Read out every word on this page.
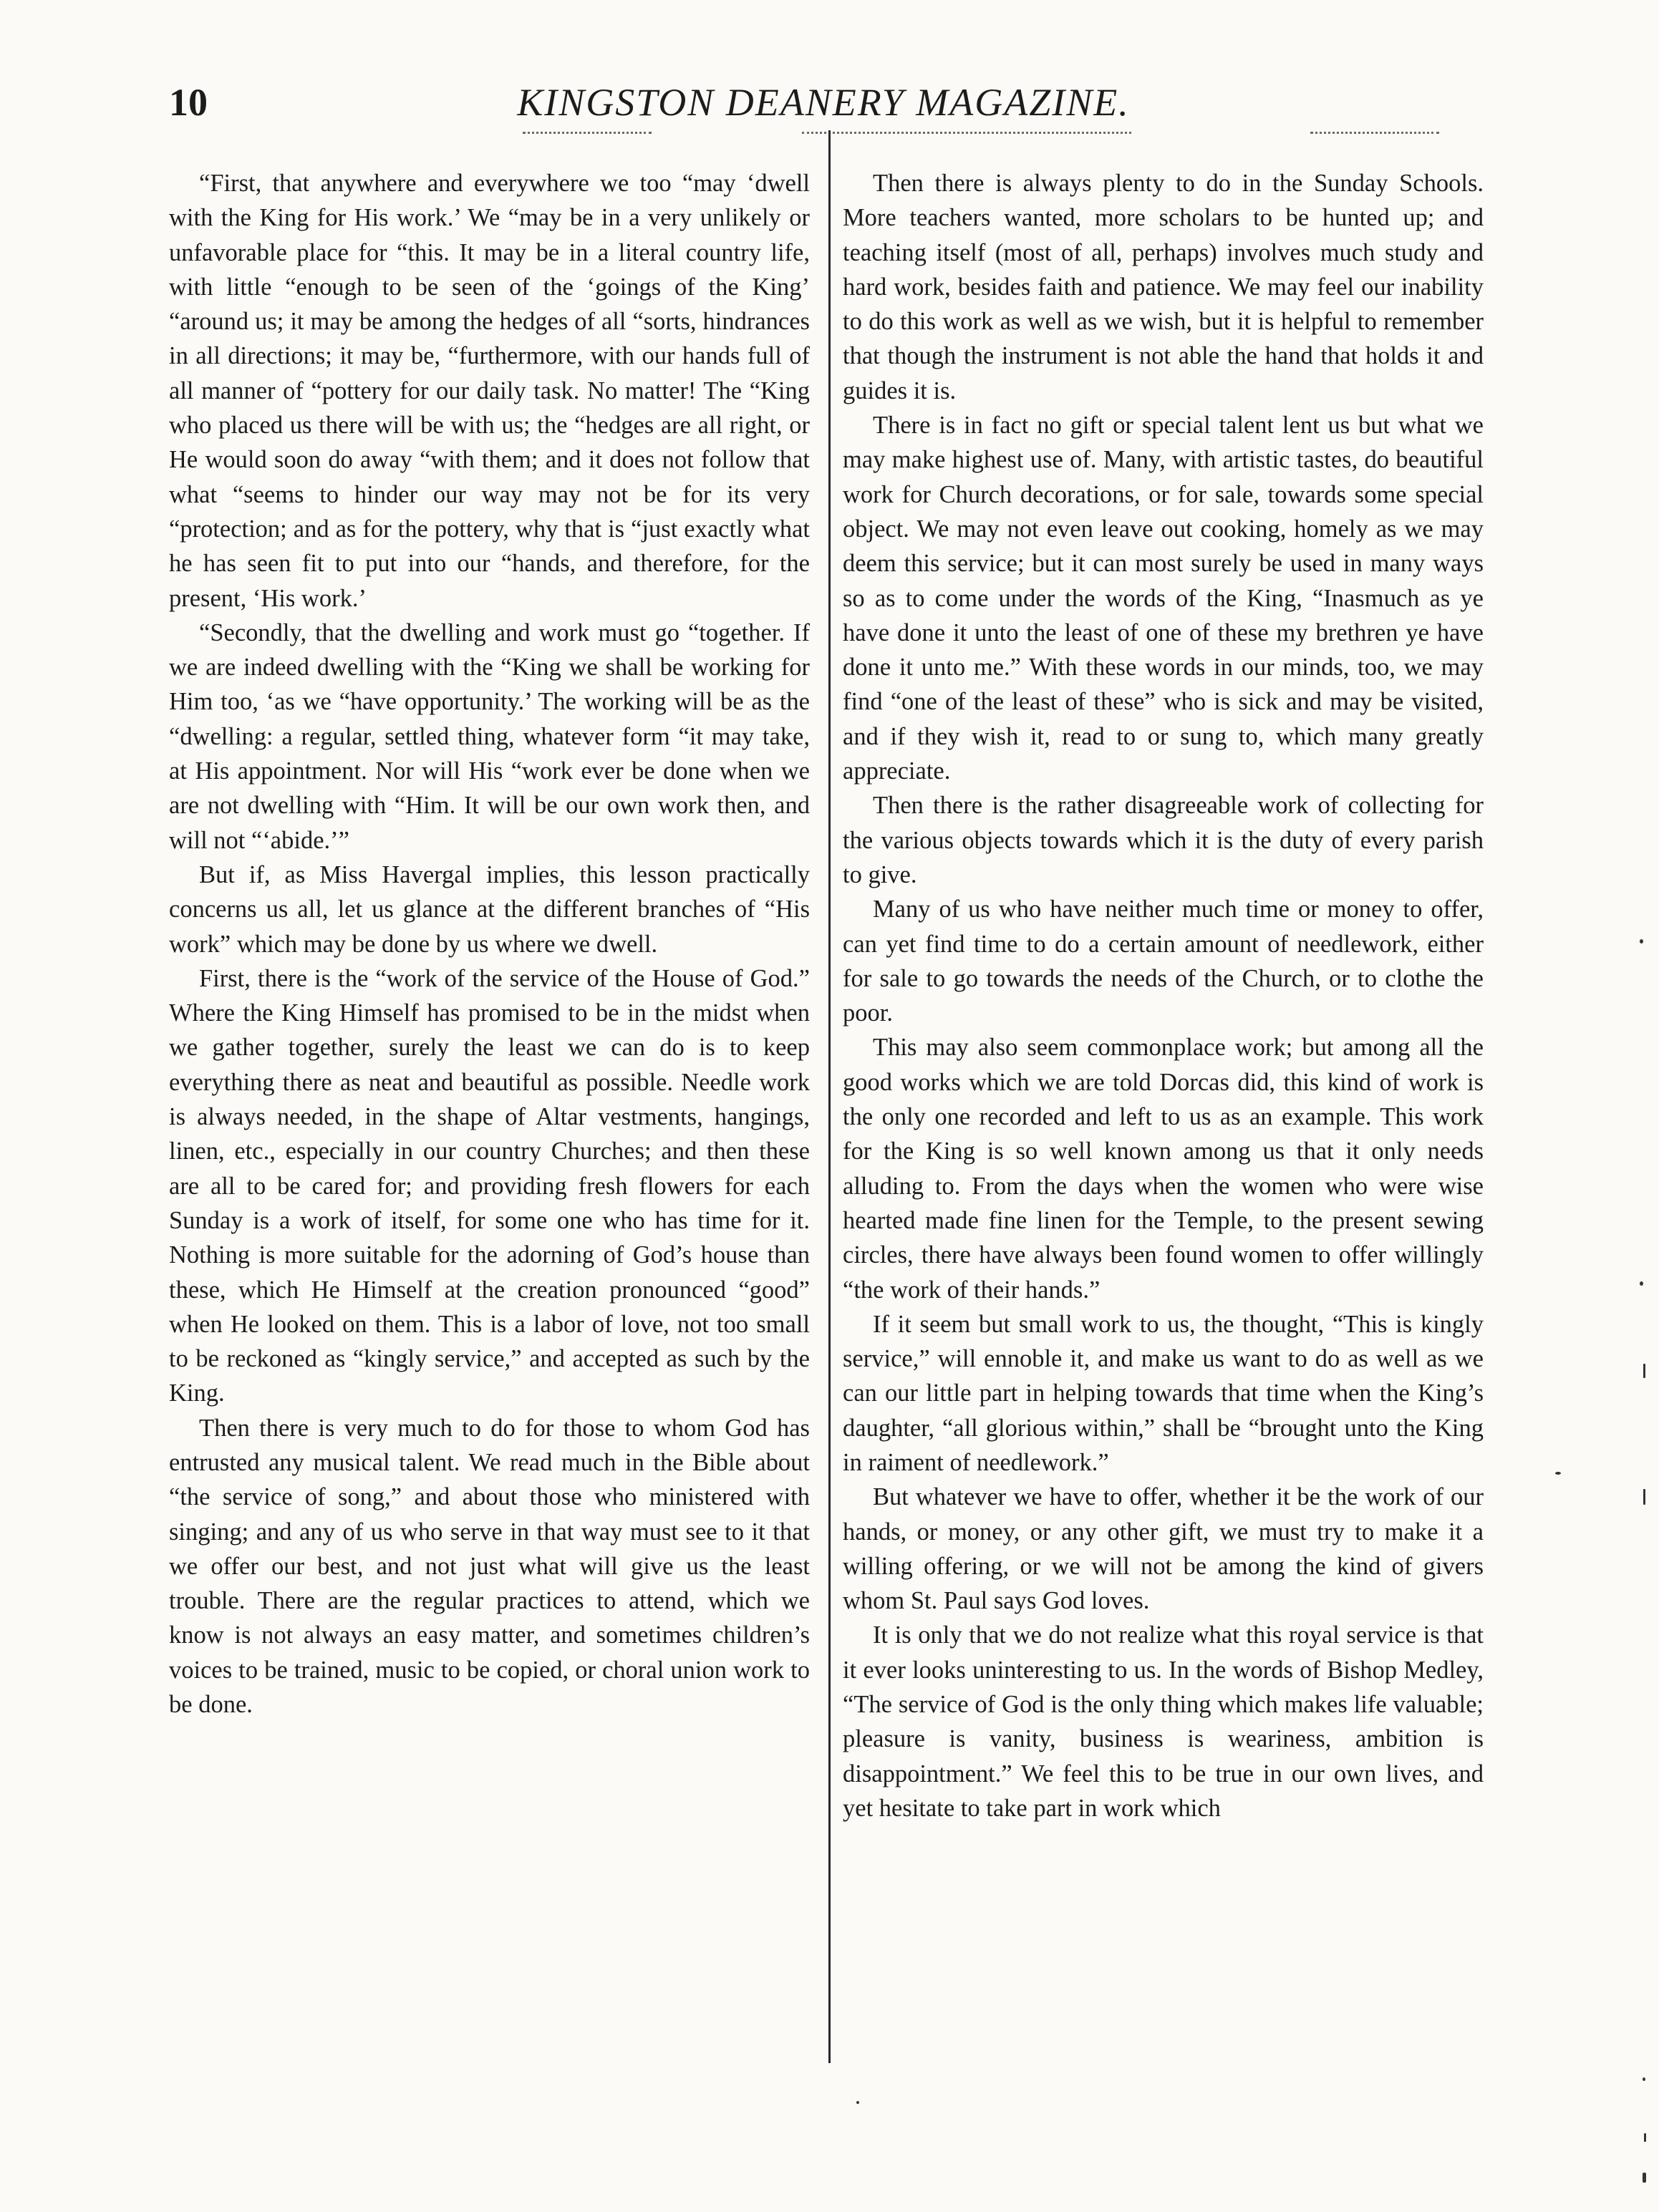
10	KINGSTON DEANERY MAGAZINE.

“First, that anywhere and everywhere we too “may ‘dwell with the King for His work.’ We “may be in a very unlikely or unfavorable place for “this. It may be in a literal country life, with little “enough to be seen of the ‘goings of the King’ “around us; it may be among the hedges of all “sorts, hindrances in all directions; it may be, “furthermore, with our hands full of all manner of “pottery for our daily task. No matter! The “King who placed us there will be with us; the “hedges are all right, or He would soon do away “with them; and it does not follow that what “seems to hinder our way may not be for its very “protection; and as for the pottery, why that is “just exactly what he has seen fit to put into our “hands, and therefore, for the present, ‘His work.’

“Secondly, that the dwelling and work must go “together. If we are indeed dwelling with the “King we shall be working for Him too, ‘as we “have opportunity.’ The working will be as the “dwelling: a regular, settled thing, whatever form “it may take, at His appointment. Nor will His “work ever be done when we are not dwelling with “Him. It will be our own work then, and will not “‘abide.’”

But if, as Miss Havergal implies, this lesson practically concerns us all, let us glance at the different branches of “His work” which may be done by us where we dwell.

First, there is the “work of the service of the House of God.” Where the King Himself has promised to be in the midst when we gather together, surely the least we can do is to keep everything there as neat and beautiful as possible. Needle work is always needed, in the shape of Altar vestments, hangings, linen, etc., especially in our country Churches; and then these are all to be cared for; and providing fresh flowers for each Sunday is a work of itself, for some one who has time for it. Nothing is more suitable for the adorning of God’s house than these, which He Himself at the creation pronounced “good” when He looked on them. This is a labor of love, not too small to be reckoned as “kingly service,” and accepted as such by the King.

Then there is very much to do for those to whom God has entrusted any musical talent. We read much in the Bible about “the service of song,” and about those who ministered with singing; and any of us who serve in that way must see to it that we offer our best, and not just what will give us the least trouble. There are the regular practices to attend, which we know is not always an easy matter, and sometimes children’s voices to be trained, music to be copied, or choral union work to be done.

Then there is always plenty to do in the Sunday Schools. More teachers wanted, more scholars to be hunted up; and teaching itself (most of all, perhaps) involves much study and hard work, besides faith and patience. We may feel our inability to do this work as well as we wish, but it is helpful to remember that though the instrument is not able the hand that holds it and guides it is.

There is in fact no gift or special talent lent us but what we may make highest use of. Many, with artistic tastes, do beautiful work for Church decorations, or for sale, towards some special object. We may not even leave out cooking, homely as we may deem this service; but it can most surely be used in many ways so as to come under the words of the King, “Inasmuch as ye have done it unto the least of one of these my brethren ye have done it unto me.” With these words in our minds, too, we may find “one of the least of these” who is sick and may be visited, and if they wish it, read to or sung to, which many greatly appreciate.

Then there is the rather disagreeable work of collecting for the various objects towards which it is the duty of every parish to give.

Many of us who have neither much time or money to offer, can yet find time to do a certain amount of needlework, either for sale to go towards the needs of the Church, or to clothe the poor.

This may also seem commonplace work; but among all the good works which we are told Dorcas did, this kind of work is the only one recorded and left to us as an example. This work for the King is so well known among us that it only needs alluding to. From the days when the women who were wise hearted made fine linen for the Temple, to the present sewing circles, there have always been found women to offer willingly “the work of their hands.”

If it seem but small work to us, the thought, “This is kingly service,” will ennoble it, and make us want to do as well as we can our little part in helping towards that time when the King’s daughter, “all glorious within,” shall be “brought unto the King in raiment of needlework.”

But whatever we have to offer, whether it be the work of our hands, or money, or any other gift, we must try to make it a willing offering, or we will not be among the kind of givers whom St. Paul says God loves.

It is only that we do not realize what this royal service is that it ever looks uninteresting to us. In the words of Bishop Medley, “The service of God is the only thing which makes life valuable; pleasure is vanity, business is weariness, ambition is disappointment.” We feel this to be true in our own lives, and yet hesitate to take part in work which
